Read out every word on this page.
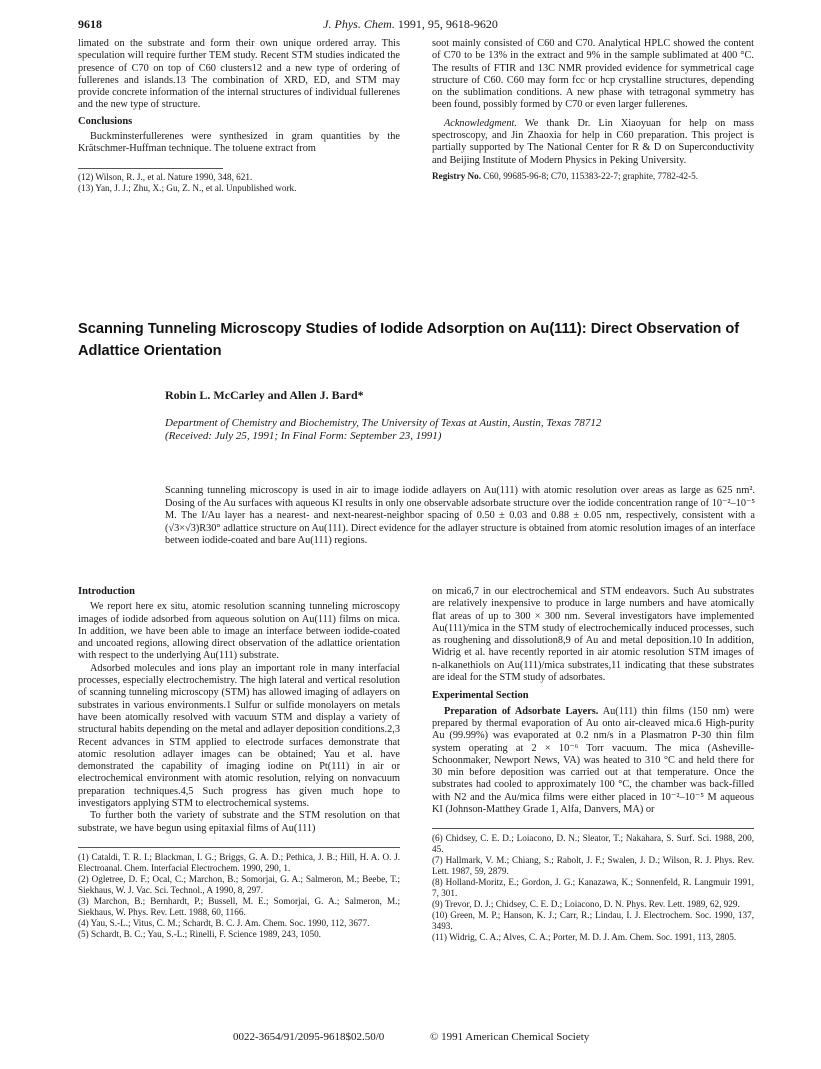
9618	J. Phys. Chem. 1991, 95, 9618-9620

limated on the substrate and form their own unique ordered array. This speculation will require further TEM study. Recent STM studies indicated the presence of C70 on top of C60 clusters12 and a new type of ordering of fullerenes and islands.13 The combination of XRD, ED, and STM may provide concrete information of the internal structures of individual fullerenes and the new type of structure.

Conclusions

Buckminsterfullerenes were synthesized in gram quantities by the Krätschmer-Huffman technique. The toluene extract from

(12) Wilson, R. J., et al. Nature 1990, 348, 621.
(13) Yan, J. J.; Zhu, X.; Gu, Z. N., et al. Unpublished work.

soot mainly consisted of C60 and C70. Analytical HPLC showed the content of C70 to be 13% in the extract and 9% in the sample sublimated at 400 °C. The results of FTIR and 13C NMR provided evidence for symmetrical cage structure of C60. C60 may form fcc or hcp crystalline structures, depending on the sublimation conditions. A new phase with tetragonal symmetry has been found, possibly formed by C70 or even larger fullerenes.

Acknowledgment. We thank Dr. Lin Xiaoyuan for help on mass spectroscopy, and Jin Zhaoxia for help in C60 preparation. This project is partially supported by The National Center for R & D on Superconductivity and Beijing Institute of Modern Physics in Peking University.

Registry No. C60, 99685-96-8; C70, 115383-22-7; graphite, 7782-42-5.

Scanning Tunneling Microscopy Studies of Iodide Adsorption on Au(111): Direct Observation of Adlattice Orientation
Robin L. McCarley and Allen J. Bard*
Department of Chemistry and Biochemistry, The University of Texas at Austin, Austin, Texas 78712
(Received: July 25, 1991; In Final Form: September 23, 1991)
Scanning tunneling microscopy is used in air to image iodide adlayers on Au(111) with atomic resolution over areas as large as 625 nm². Dosing of the Au surfaces with aqueous KI results in only one observable adsorbate structure over the iodide concentration range of 10⁻²–10⁻⁵ M. The I/Au layer has a nearest- and next-nearest-neighbor spacing of 0.50 ± 0.03 and 0.88 ± 0.05 nm, respectively, consistent with a (√3×√3)R30° adlattice structure on Au(111). Direct evidence for the adlayer structure is obtained from atomic resolution images of an interface between iodide-coated and bare Au(111) regions.
Introduction

We report here ex situ, atomic resolution scanning tunneling microscopy images of iodide adsorbed from aqueous solution on Au(111) films on mica. In addition, we have been able to image an interface between iodide-coated and uncoated regions, allowing direct observation of the adlattice orientation with respect to the underlying Au(111) substrate.

Adsorbed molecules and ions play an important role in many interfacial processes, especially electrochemistry. The high lateral and vertical resolution of scanning tunneling microscopy (STM) has allowed imaging of adlayers on substrates in various environments.1 Sulfur or sulfide monolayers on metals have been atomically resolved with vacuum STM and display a variety of structural habits depending on the metal and adlayer deposition conditions.2,3 Recent advances in STM applied to electrode surfaces demonstrate that atomic resolution adlayer images can be obtained; Yau et al. have demonstrated the capability of imaging iodine on Pt(111) in air or electrochemical environment with atomic resolution, relying on nonvacuum preparation techniques.4,5 Such progress has given much hope to investigators applying STM to electrochemical systems.

To further both the variety of substrate and the STM resolution on that substrate, we have begun using epitaxial films of Au(111)

(1) Cataldi, T. R. I.; Blackman, I. G.; Briggs, G. A. D.; Pethica, J. B.; Hill, H. A. O. J. Electroanal. Chem. Interfacial Electrochem. 1990, 290, 1.
(2) Ogletree, D. F.; Ocal, C.; Marchon, B.; Somorjai, G. A.; Salmeron, M.; Beebe, T.; Siekhaus, W. J. Vac. Sci. Technol., A 1990, 8, 297.
(3) Marchon, B.; Bernhardt, P.; Bussell, M. E.; Somorjai, G. A.; Salmeron, M.; Siekhaus, W. Phys. Rev. Lett. 1988, 60, 1166.
(4) Yau, S.-L.; Vitus, C. M.; Schardt, B. C. J. Am. Chem. Soc. 1990, 112, 3677.
(5) Schardt, B. C.; Yau, S.-L.; Rinelli, F. Science 1989, 243, 1050.

on mica6,7 in our electrochemical and STM endeavors. Such Au substrates are relatively inexpensive to produce in large numbers and have atomically flat areas of up to 300 × 300 nm. Several investigators have implemented Au(111)/mica in the STM study of electrochemically induced processes, such as roughening and dissolution8,9 of Au and metal deposition.10 In addition, Widrig et al. have recently reported in air atomic resolution STM images of n-alkanethiols on Au(111)/mica substrates,11 indicating that these substrates are ideal for the STM study of adsorbates.

Experimental Section

Preparation of Adsorbate Layers. Au(111) thin films (150 nm) were prepared by thermal evaporation of Au onto air-cleaved mica.6 High-purity Au (99.99%) was evaporated at 0.2 nm/s in a Plasmatron P-30 thin film system operating at 2 × 10⁻⁶ Torr vacuum. The mica (Asheville-Schoonmaker, Newport News, VA) was heated to 310 °C and held there for 30 min before deposition was carried out at that temperature. Once the substrates had cooled to approximately 100 °C, the chamber was back-filled with N2 and the Au/mica films were either placed in 10⁻²–10⁻⁵ M aqueous KI (Johnson-Matthey Grade 1, Alfa, Danvers, MA) or

(6) Chidsey, C. E. D.; Loiacono, D. N.; Sleator, T.; Nakahara, S. Surf. Sci. 1988, 200, 45.
(7) Hallmark, V. M.; Chiang, S.; Rabolt, J. F.; Swalen, J. D.; Wilson, R. J. Phys. Rev. Lett. 1987, 59, 2879.
(8) Holland-Moritz, E.; Gordon, J. G.; Kanazawa, K.; Sonnenfeld, R. Langmuir 1991, 7, 301.
(9) Trevor, D. J.; Chidsey, C. E. D.; Loiacono, D. N. Phys. Rev. Lett. 1989, 62, 929.
(10) Green, M. P.; Hanson, K. J.; Carr, R.; Lindau, I. J. Electrochem. Soc. 1990, 137, 3493.
(11) Widrig, C. A.; Alves, C. A.; Porter, M. D. J. Am. Chem. Soc. 1991, 113, 2805.
0022-3654/91/2095-9618$02.50/0	© 1991 American Chemical Society
